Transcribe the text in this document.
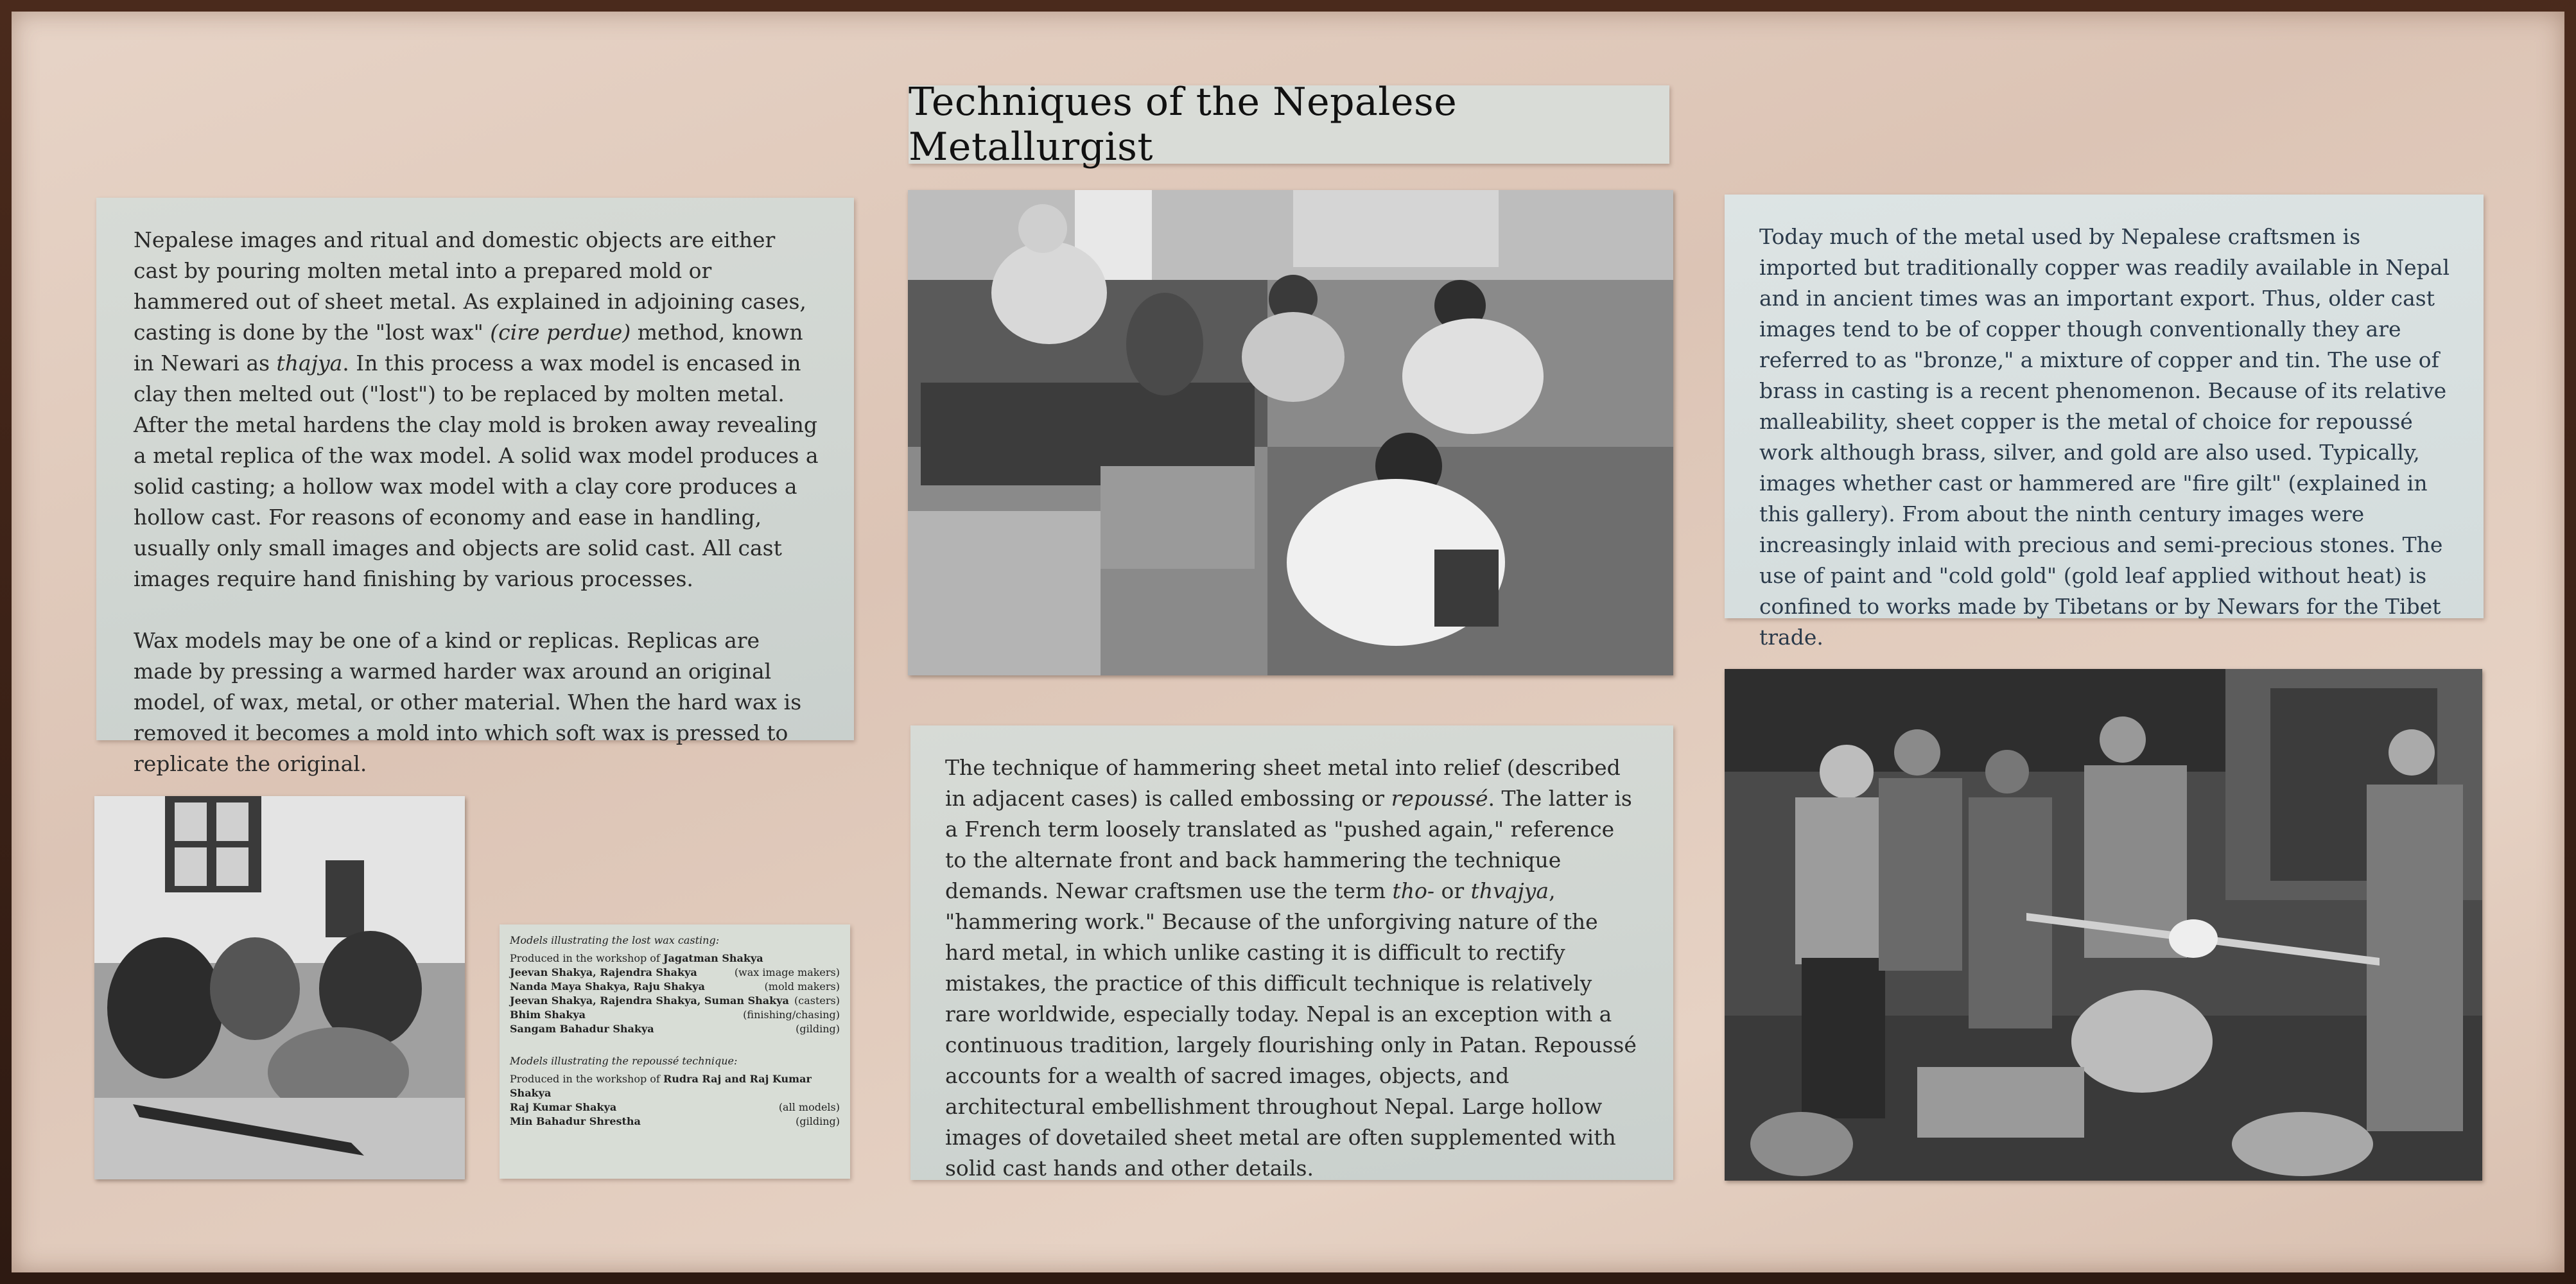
Techniques of the Nepalese Metallurgist

Nepalese images and ritual and domestic objects are either cast by pouring molten metal into a prepared mold or hammered out of sheet metal. As explained in adjoining cases, casting is done by the "lost wax" (cire perdue) method, known in Newari as thajya. In this process a wax model is encased in clay then melted out ("lost") to be replaced by molten metal. After the metal hardens the clay mold is broken away revealing a metal replica of the wax model. A solid wax model produces a solid casting; a hollow wax model with a clay core produces a hollow cast. For reasons of economy and ease in handling, usually only small images and objects are solid cast. All cast images require hand finishing by various processes.

Wax models may be one of a kind or replicas. Replicas are made by pressing a warmed harder wax around an original model, of wax, metal, or other material. When the hard wax is removed it becomes a mold into which soft wax is pressed to replicate the original.

Today much of the metal used by Nepalese craftsmen is imported but traditionally copper was readily available in Nepal and in ancient times was an important export. Thus, older cast images tend to be of copper though conventionally they are referred to as "bronze," a mixture of copper and tin. The use of brass in casting is a recent phenomenon. Because of its relative malleability, sheet copper is the metal of choice for repoussé work although brass, silver, and gold are also used. Typically, images whether cast or hammered are "fire gilt" (explained in this gallery). From about the ninth century images were increasingly inlaid with precious and semi-precious stones. The use of paint and "cold gold" (gold leaf applied without heat) is confined to works made by Tibetans or by Newars for the Tibet trade.
The technique of hammering sheet metal into relief (described in adjacent cases) is called embossing or repoussé. The latter is a French term loosely translated as "pushed again," reference to the alternate front and back hammering the technique demands. Newar craftsmen use the term tho- or thvajya, "hammering work." Because of the unforgiving nature of the hard metal, in which unlike casting it is difficult to rectify mistakes, the practice of this difficult technique is relatively rare worldwide, especially today. Nepal is an exception with a continuous tradition, largely flourishing only in Patan. Repoussé accounts for a wealth of sacred images, objects, and architectural embellishment throughout Nepal. Large hollow images of dovetailed sheet metal are often supplemented with solid cast hands and other details.
Models illustrating the lost wax casting:
Produced in the workshop of Jagatman Shakya
Jeevan Shakya, Rajendra Shakya	(wax image makers)
Nanda Maya Shakya, Raju Shakya	(mold makers)
Jeevan Shakya, Rajendra Shakya, Suman Shakya (casters)
Bhim Shakya	(finishing/chasing)
Sangam Bahadur Shakya	(gilding)
Models illustrating the repoussé technique:
Produced in the workshop of Rudra Raj and Raj Kumar Shakya
Raj Kumar Shakya	(all models)
Min Bahadur Shrestha	(gilding)
